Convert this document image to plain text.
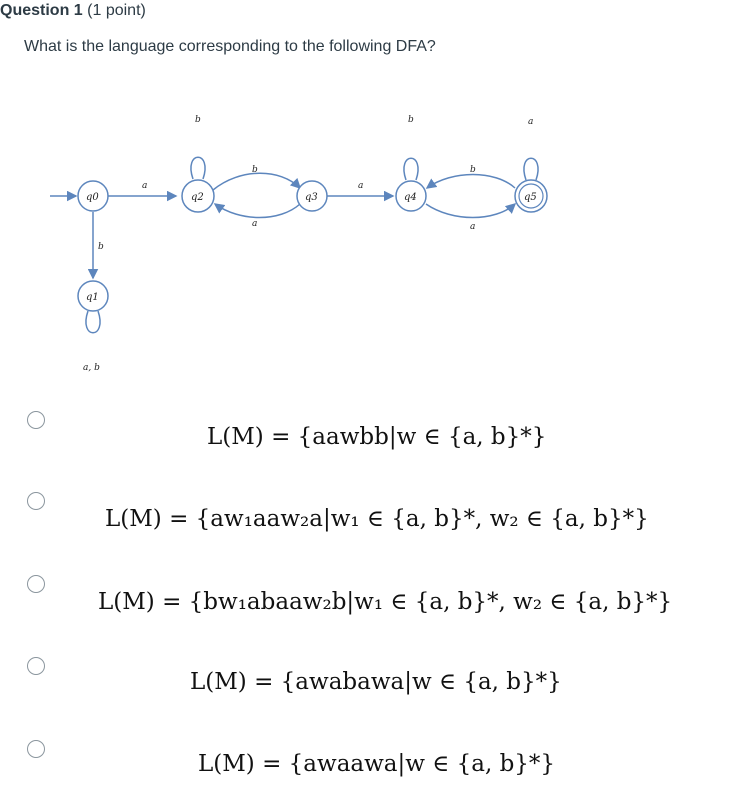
Question 1 (1 point)
What is the language corresponding to the following DFA?
a
b
a, b
b
a
b
a
b
a
b
a
q0
q1
q2	q3	q4	q5
L(M) = {aawbb|w ∈ {a, b}*}
L(M) = {aw₁aaw₂a|w₁ ∈ {a, b}*, w₂ ∈ {a, b}*}
L(M) = {bw₁abaaw₂b|w₁ ∈ {a, b}*, w₂ ∈ {a, b}*}
L(M) = {awabawa|w ∈ {a, b}*}
L(M) = {awaawa|w ∈ {a, b}*}
